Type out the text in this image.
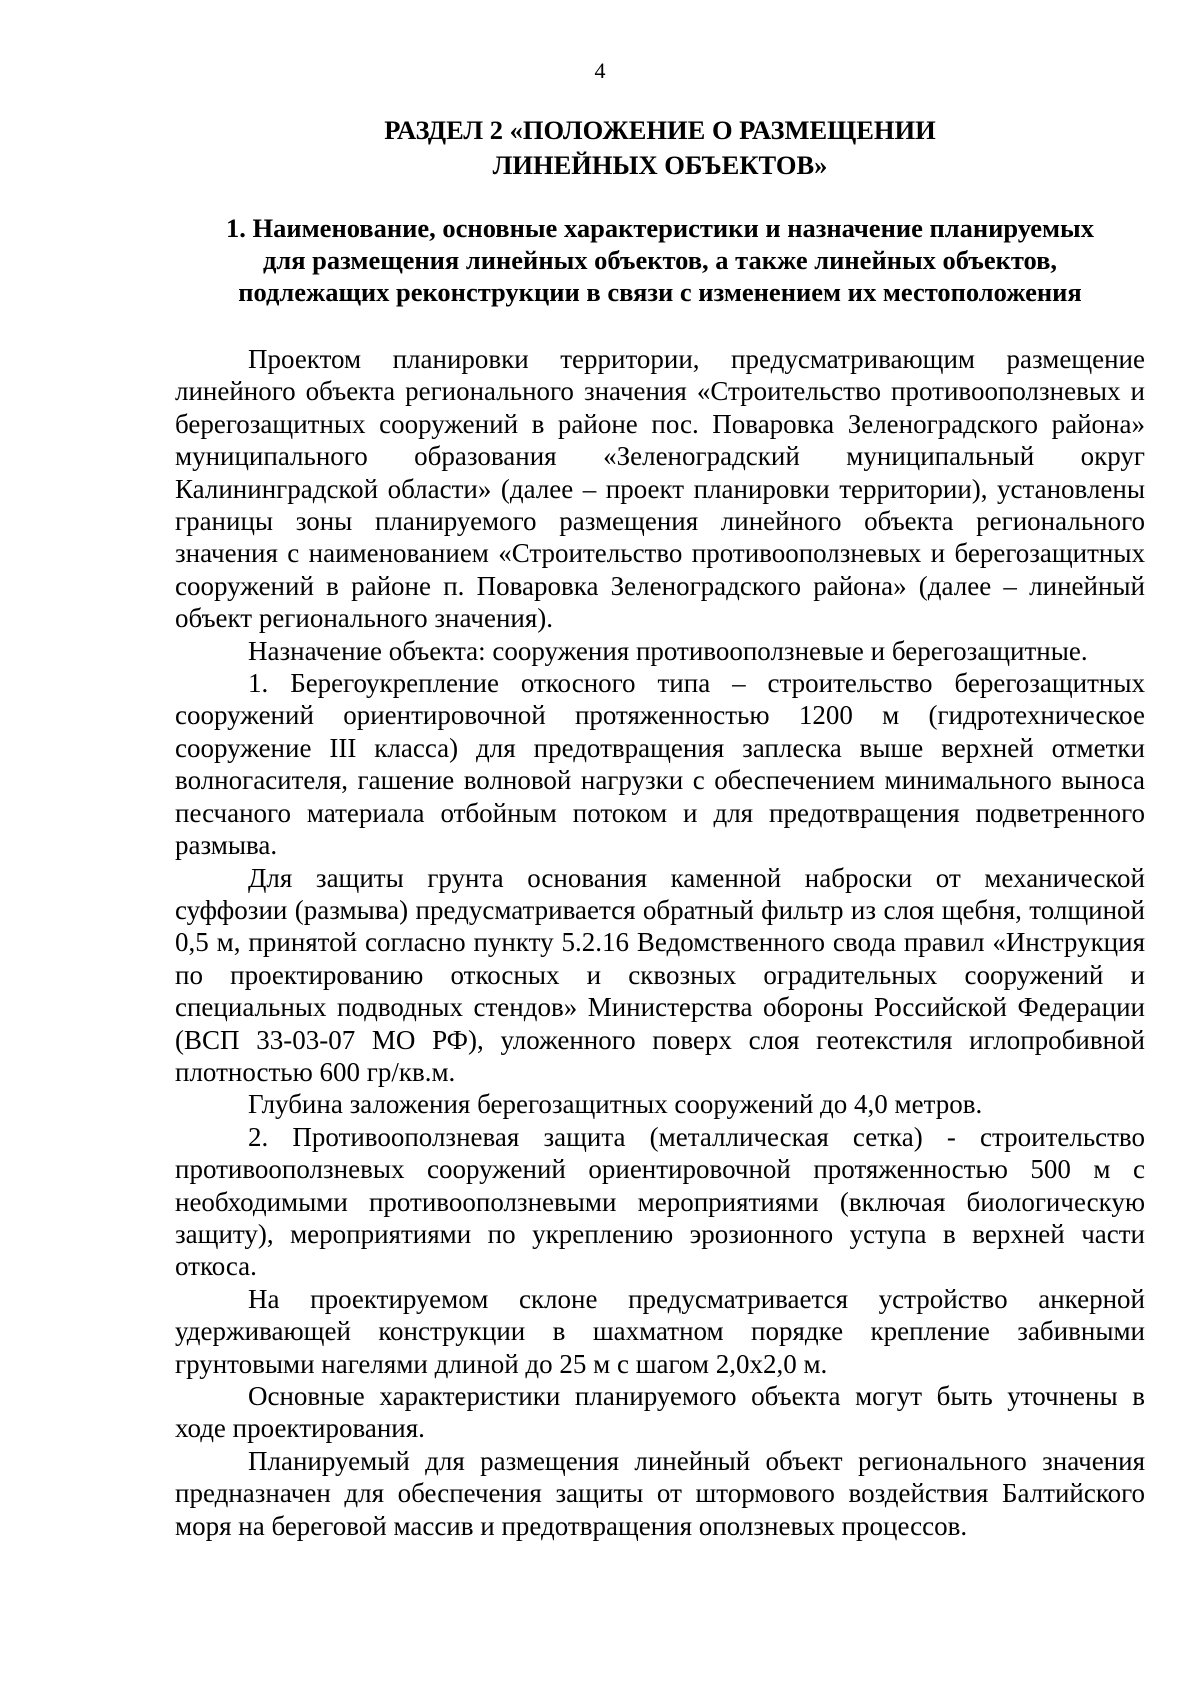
4
РАЗДЕЛ 2 «ПОЛОЖЕНИЕ О РАЗМЕЩЕНИИ
ЛИНЕЙНЫХ ОБЪЕКТОВ»
1. Наименование, основные характеристики и назначение планируемых
для размещения линейных объектов, а также линейных объектов,
подлежащих реконструкции в связи с изменением их местоположения

Проектом планировки территории, предусматривающим размещение линейного объекта регионального значения «Строительство противооползневых и берегозащитных сооружений в районе пос. Поваровка Зеленоградского района» муниципального образования «Зеленоградский муниципальный округ Калининградской области» (далее – проект планировки территории), установлены границы зоны планируемого размещения линейного объекта регионального значения с наименованием «Строительство противооползневых и берегозащитных сооружений в районе п. Поваровка Зеленоградского района» (далее – линейный объект регионального значения).

Назначение объекта: сооружения противооползневые и берегозащитные.

1. Берегоукрепление откосного типа – строительство берегозащитных сооружений ориентировочной протяженностью 1200 м (гидротехническое сооружение III класса) для предотвращения заплеска выше верхней отметки волногасителя, гашение волновой нагрузки с обеспечением минимального выноса песчаного материала отбойным потоком и для предотвращения подветренного размыва.

Для защиты грунта основания каменной наброски от механической суффозии (размыва) предусматривается обратный фильтр из слоя щебня, толщиной 0,5 м, принятой согласно пункту 5.2.16 Ведомственного свода правил «Инструкция по проектированию откосных и сквозных оградительных сооружений и специальных подводных стендов» Министерства обороны Российской Федерации (ВСП 33-03-07 МО РФ), уложенного поверх слоя геотекстиля иглопробивной плотностью 600 гр/кв.м.

Глубина заложения берегозащитных сооружений до 4,0 метров.

2. Противооползневая защита (металлическая сетка) - строительство противооползневых сооружений ориентировочной протяженностью 500 м с необходимыми противооползневыми мероприятиями (включая биологическую защиту), мероприятиями по укреплению эрозионного уступа в верхней части откоса.

На проектируемом склоне предусматривается устройство анкерной удерживающей конструкции в шахматном порядке крепление забивными грунтовыми нагелями длиной до 25 м с шагом 2,0х2,0 м.

Основные характеристики планируемого объекта могут быть уточнены в ходе проектирования.

Планируемый для размещения линейный объект регионального значения предназначен для обеспечения защиты от штормового воздействия Балтийского моря на береговой массив и предотвращения оползневых процессов.
